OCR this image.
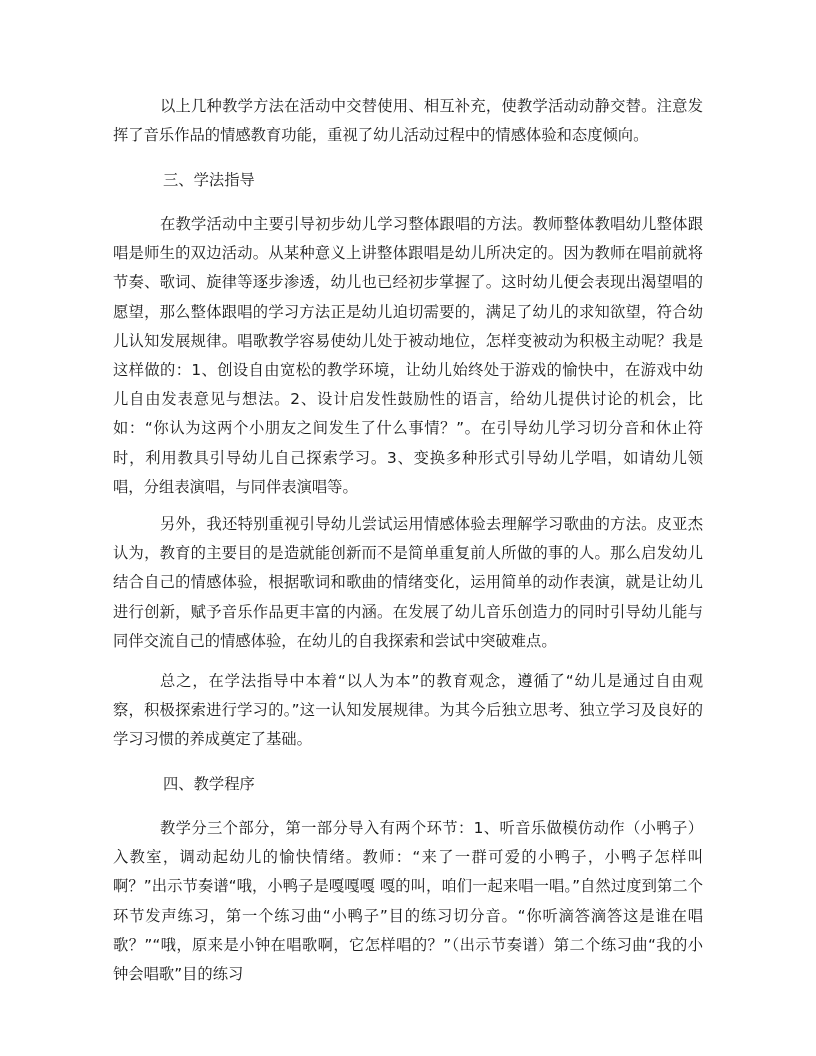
以上几种教学方法在活动中交替使用、相互补充，使教学活动动静交替。注意发挥了音乐作品的情感教育功能，重视了幼儿活动过程中的情感体验和态度倾向。

三、学法指导

在教学活动中主要引导初步幼儿学习整体跟唱的方法。教师整体教唱幼儿整体跟唱是师生的双边活动。从某种意义上讲整体跟唱是幼儿所决定的。因为教师在唱前就将节奏、歌词、旋律等逐步渗透，幼儿也已经初步掌握了。这时幼儿便会表现出渴望唱的愿望，那么整体跟唱的学习方法正是幼儿迫切需要的，满足了幼儿的求知欲望，符合幼儿认知发展规律。唱歌教学容易使幼儿处于被动地位，怎样变被动为积极主动呢？我是这样做的：1、创设自由宽松的教学环境，让幼儿始终处于游戏的愉快中，在游戏中幼儿自由发表意见与想法。2、设计启发性鼓励性的语言，给幼儿提供讨论的机会，比如：“你认为这两个小朋友之间发生了什么事情？”。在引导幼儿学习切分音和休止符时，利用教具引导幼儿自己探索学习。3、变换多种形式引导幼儿学唱，如请幼儿领唱，分组表演唱，与同伴表演唱等。

另外，我还特别重视引导幼儿尝试运用情感体验去理解学习歌曲的方法。皮亚杰认为，教育的主要目的是造就能创新而不是简单重复前人所做的事的人。那么启发幼儿结合自己的情感体验，根据歌词和歌曲的情绪变化，运用简单的动作表演，就是让幼儿进行创新，赋予音乐作品更丰富的内涵。在发展了幼儿音乐创造力的同时引导幼儿能与同伴交流自己的情感体验，在幼儿的自我探索和尝试中突破难点。

总之，在学法指导中本着“以人为本”的教育观念，遵循了“幼儿是通过自由观察，积极探索进行学习的。”这一认知发展规律。为其今后独立思考、独立学习及良好的学习习惯的养成奠定了基础。

四、教学程序

教学分三个部分，第一部分导入有两个环节：1、听音乐做模仿动作（小鸭子）入教室，调动起幼儿的愉快情绪。教师：“来了一群可爱的小鸭子，小鸭子怎样叫啊？”出示节奏谱“哦，小鸭子是嘎嘎嘎 嘎的叫，咱们一起来唱一唱。”自然过度到第二个环节发声练习，第一个练习曲“小鸭子”目的练习切分音。“你听滴答滴答这是谁在唱歌？”“哦，原来是小钟在唱歌啊，它怎样唱的？”（出示节奏谱）第二个练习曲“我的小钟会唱歌”目的练习
